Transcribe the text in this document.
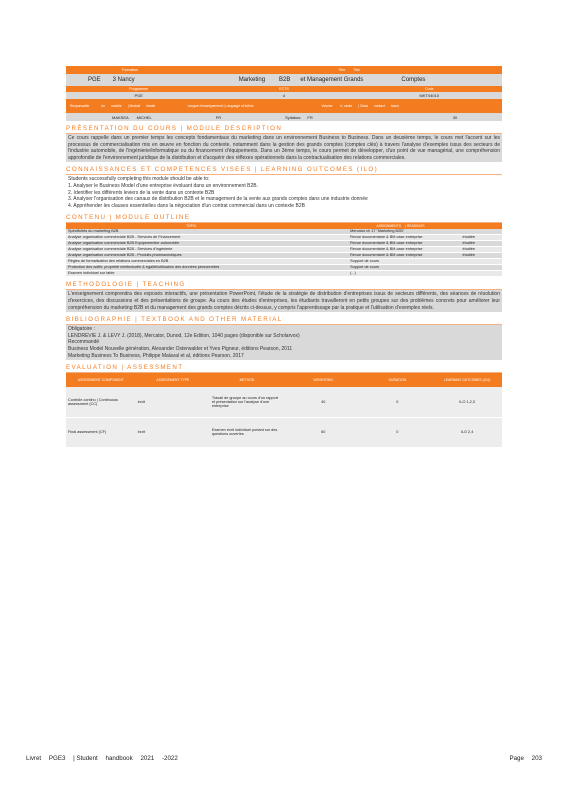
Formation	Titre Title
PGE 3 Nancy	Marketing B2B et Management Grands	Comptes
Programme	ECTS	Code
PGE	4	MKT04010
Responsable	du module | Module leader	Langue d'enseignement | Language of tuition	Volume h. seule | Class contact hours
MAKSEA MICHEL	FR	Syllabus: FR	30
PRÉSENTATION DU COURS | MODULE DESCRIPTION
Ce cours rappelle dans un premier temps les concepts fondamentaux du marketing dans un environnement Business to Business. Dans un deuxième temps, le cours met l'accent sur les processus de commercialisation mis en œuvre en fonction du contexte, notamment dans la gestion des grands comptes (comptes clés) à travers l'analyse d'exemples issus des secteurs de l'industrie automobile, de l'ingénierie/informatique ou du financement d'équipements. Dans un 3ème temps, le cours permet de développer, d'un point de vue managérial, une compréhension approfondie de l'environnement juridique de la distribution et d'acquérir des réflexes opérationnels dans la contractualisation des relations commerciales.
CONNAISSANCES ET COMPETENCES VISEES | LEARNING OUTCOMES (ILO)

Students successfully completing this module should be able to:

1. Analyser le Business Model d'une entreprise évoluant dans un environnement B2B.

2. Identifier les différents leviers de la vente dans un contexte B2B

3. Analyser l'organisation des canaux de distribution B2B et le management de la vente aux grands comptes dans une industrie donnée

4. Appréhender les clauses essentielles dans la négociation d'un contrat commercial dans un contexte B2B

CONTENU | MODULE OUTLINE
TOPIC	ASSIGNMENTS | READINGS
Spécificités du marketing B2B	Mercator ch 17 "Marketing B2B"
Analyse organisation commerciale B2B - Services de Financement	Revue documentaire & BM case entreprise	étudiée
Analyse organisation commerciale B2B Equipementier automobile	Revue documentaire & BM case entreprise	étudiée
Analyse organisation commerciale B2B - Services d'ingénierie	Revue documentaire & BM case entreprise	étudiée
Analyse organisation commerciale B2B - Produits pharmaceutiques	Revue documentaire & BM case entreprise	étudiée
Règles de formalisation des relations commerciales en B2B	Support de cours
Protection des actifs: propriété intellectuelle & égalité/utilisation des données personnelles	Support de cours
Examen individuel sur table	(...)
METHODOLOGIE | TEACHING
L'enseignement comprendra des exposés interactifs, une présentation PowerPoint, l'étude de la stratégie de distribution d'entreprises issus de secteurs différents, des séances de résolution d'exercices, des discussions et des présentations de groupe. Au cours des études d'entreprises, les étudiants travailleront en petits groupes sur des problèmes concrets pour améliorer leur compréhension du marketing B2B et du management des grands comptes décrits ci-dessus, y compris l'apprentissage par la pratique et l'utilisation d'exemples réels.
BIBLIOGRAPHIE | TEXTBOOK AND OTHER MATERIAL

Obligatoire :

LENDREVIE J. & LEVY J. (2018), Mercator, Dunod, 12e Edition, 1040 pages (disponible sur Scholarvox)

Recommandé

Business Model Nouvelle génération, Alexander Osterwalder et Yves Pigneur, éditions Pearson, 2011

Marketing Business To Business, Philippe Malaval et al, éditions Pearson, 2017

EVALUATION | ASSESSMENT
ASSESSMENT COMPONENT	ASSESSMENT TYPE	METHOD	WEIGHTING	DURATION	LEARNING OUTCOMES (ILO)
Contrôle continu | Continuous assessment (CC)	écrit	Travail de groupe au cours d'un rapport et présentation sur l'analyse d'une entreprise	40	0	ILO 1,2,3
Final assessment (CF)	écrit	Examen écrit individuel portant sur des questions ouvertes	60	0	ILO 2,4
Livret PGE3 | Student handbook 2021 -2022	Page 203
